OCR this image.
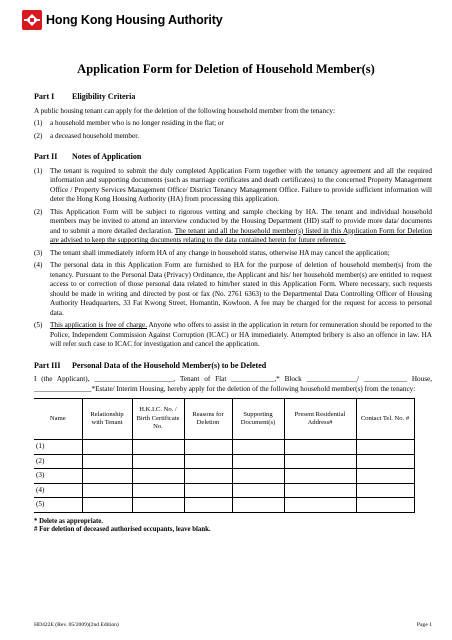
Hong Kong Housing Authority
Application Form for Deletion of Household Member(s)
Part I	Eligibility Criteria

A public housing tenant can apply for the deletion of the following household member from the tenancy:

(1)	a household member who is no longer residing in the flat; or
(2)	a deceased household member.
Part II	Notes of Application
(1)	The tenant is required to submit the duly completed Application Form together with the tenancy agreement and all the required information and supporting documents (such as marriage certificates and death certificates) to the concerned Property Management Office / Property Services Management Office/ District Tenancy Management Office. Failure to provide sufficient information will deter the Hong Kong Housing Authority (HA) from processing this application.
(2)	This Application Form will be subject to rigorous vetting and sample checking by HA. The tenant and individual household members may be invited to attend an interview conducted by the Housing Department (HD) staff to provide more data/ documents and to submit a more detailed declaration. The tenant and all the household member(s) listed in this Application Form for Deletion are advised to keep the supporting documents relating to the data contained herein for future reference.
(3)	The tenant shall immediately inform HA of any change in household status, otherwise HA may cancel the application;
(4)	The personal data in this Application Form are furnished to HA for the purpose of deletion of household member(s) from the tenancy. Pursuant to the Personal Data (Privacy) Ordinance, the Applicant and his/ her household member(s) are entitled to request access to or correction of those personal data related to him/her stated in this Application Form. Where necessary, such requests should be made in writing and directed by post or fax (No. 2761 6363) to the Departmental Data Controlling Officer of Housing Authority Headquarters, 33 Fat Kwong Street, Homantin, Kowloon. A fee may be charged for the request for access to personal data.
(5)	This application is free of charge. Anyone who offers to assist in the application in return for remuneration should be reported to the Police, Independent Commission Against Corruption (ICAC) or HA immediately. Attempted bribery is also an offence in law. HA will refer such case to ICAC for investigation and cancel the application.
Part III	Personal Data of the Household Member(s) to be Deleted

I (the Applicant), ______________________, Tenant of Flat ____________,* Block ______________/ ____________ House, ________________*Estate/ Interim Housing, hereby apply for the deletion of the following household member(s) from the tenancy:

Name	Relationship with Tenant	H.K.I.C. No. / Birth Certificate No.	Reasons for Deletion	Supporting Document(s)	Present Residential Address#	Contact Tel. No. #
(1)						
(2)						
(3)						
(4)						
(5)						
* Delete as appropriate.
# For deletion of deceased authorised occupants, leave blank.
HD422E (Rev. 05/2009)(2nd Edition)	Page 1
